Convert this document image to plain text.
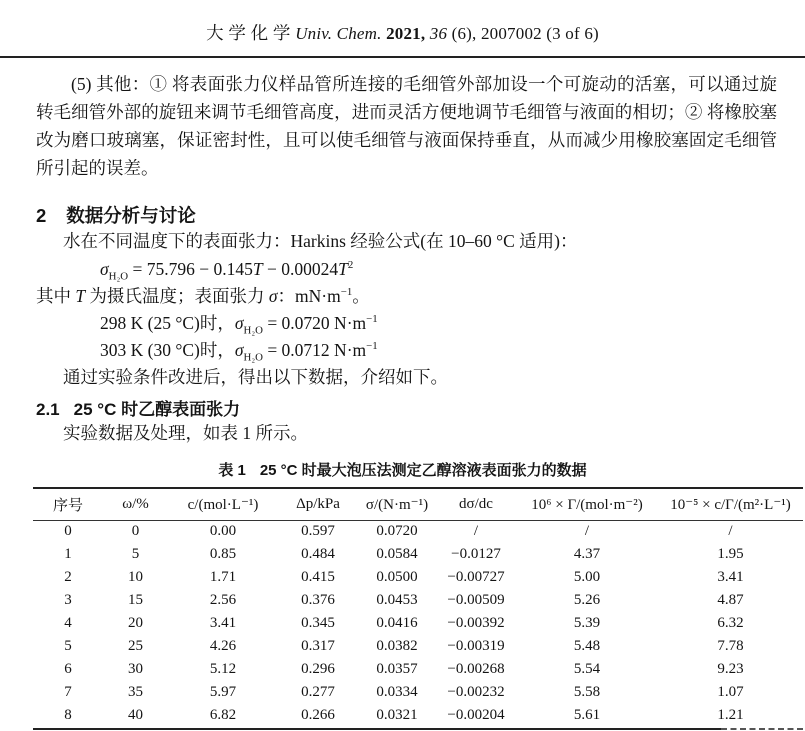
大 学 化 学 Univ. Chem. 2021, 36 (6), 2007002 (3 of 6)

(5) 其他：① 将表面张力仪样品管所连接的毛细管外部加设一个可旋动的活塞，可以通过旋转毛细管外部的旋钮来调节毛细管高度，进而灵活方便地调节毛细管与液面的相切；② 将橡胶塞改为磨口玻璃塞，保证密封性，且可以使毛细管与液面保持垂直，从而减少用橡胶塞固定毛细管所引起的误差。

2 数据分析与讨论

水在不同温度下的表面张力：Harkins 经验公式(在 10–60 °C 适用)：

$\sigma_{H_2O} = 75.796 - 0.145T - 0.00024T^2$

其中 T 为摄氏温度；表面张力 σ：$mN\cdot m^{-1}$。

298 K (25 °C)时，$\sigma_{H_2O} = 0.0720$ $N\cdot m^{-1}$

303 K (30 °C)时，$\sigma_{H_2O} = 0.0712$ $N\cdot m^{-1}$

通过实验条件改进后，得出以下数据，介绍如下。

2.1 25 °C 时乙醇表面张力

实验数据及处理，如表 1 所示。

表 1 25 °C 时最大泡压法测定乙醇溶液表面张力的数据
序号	ω/%	c/(mol·L⁻¹)	Δp/kPa	σ/(N·m⁻¹)	dσ/dc	10⁶ × Γ/(mol·m⁻²)	10⁻⁵ × c/Γ/(m²·L⁻¹)
0	0	0.00	0.597	0.0720	/	/	/
1	5	0.85	0.484	0.0584	−0.0127	4.37	1.95
2	10	1.71	0.415	0.0500	−0.00727	5.00	3.41
3	15	2.56	0.376	0.0453	−0.00509	5.26	4.87
4	20	3.41	0.345	0.0416	−0.00392	5.39	6.32
5	25	4.26	0.317	0.0382	−0.00319	5.48	7.78
6	30	5.12	0.296	0.0357	−0.00268	5.54	9.23
7	35	5.97	0.277	0.0334	−0.00232	5.58	1.07
8	40	6.82	0.266	0.0321	−0.00204	5.61	1.21
